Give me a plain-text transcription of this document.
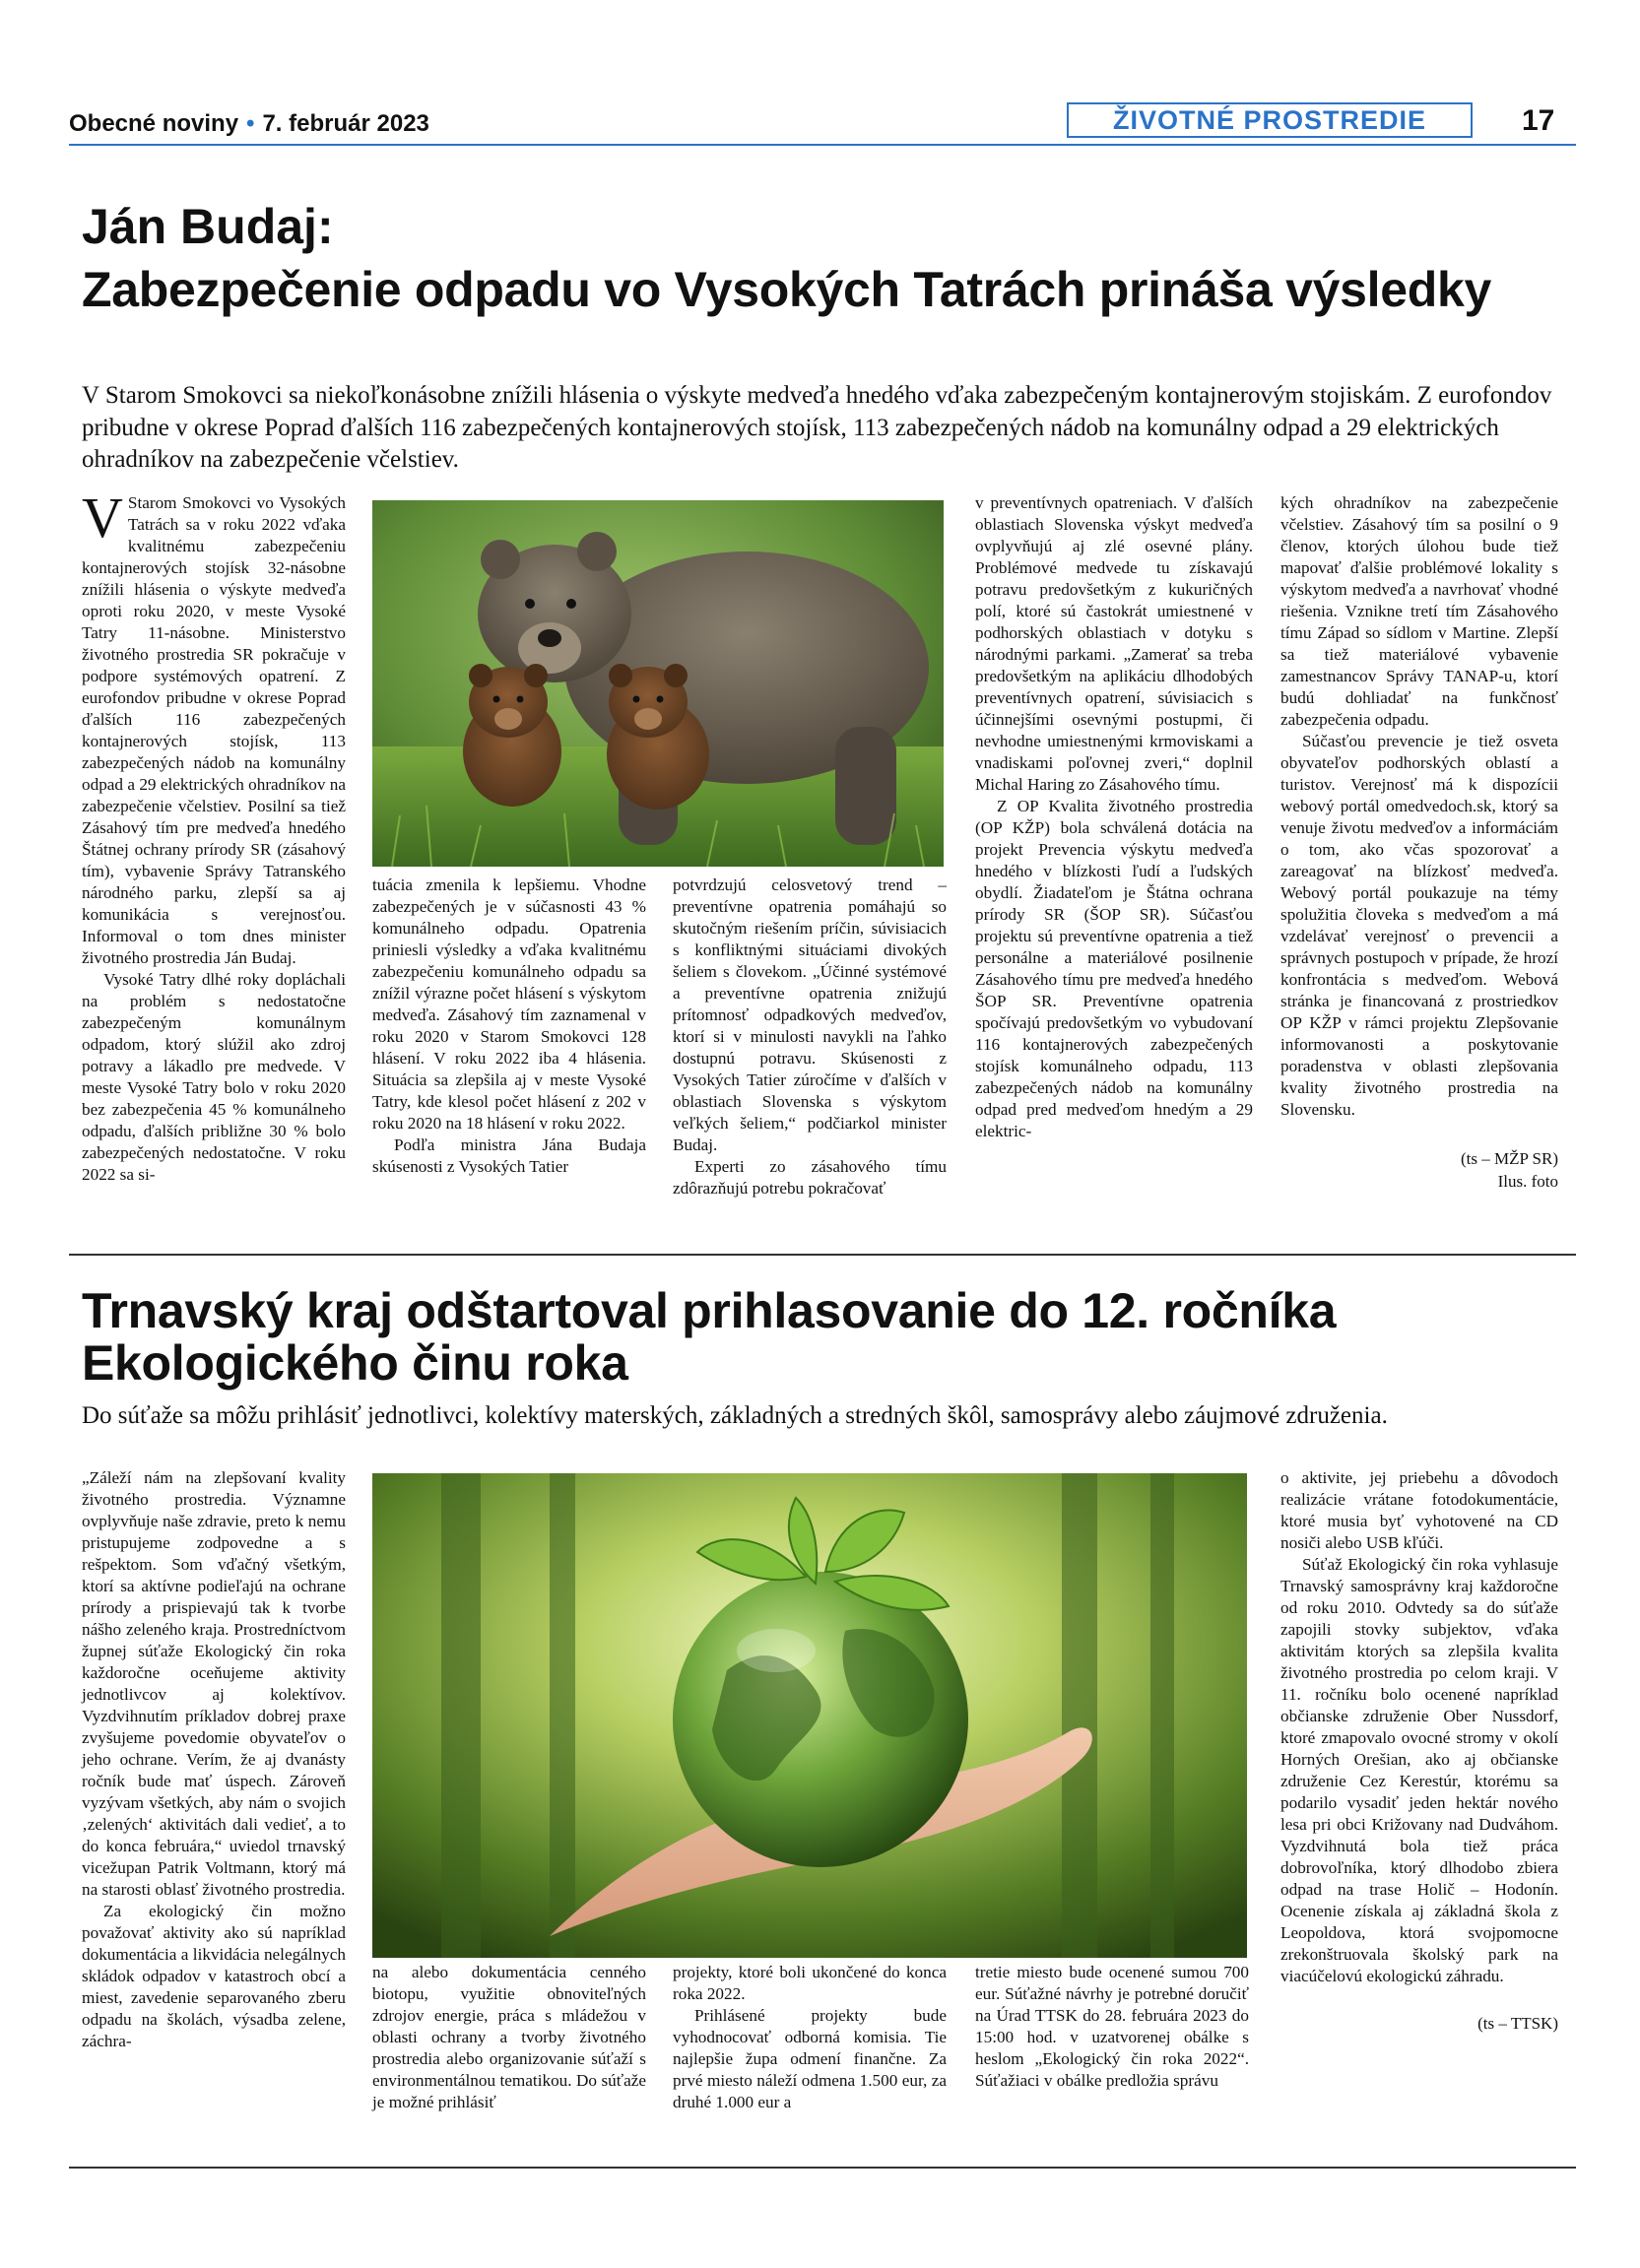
Obecné noviny • 7. február 2023	ŽIVOTNÉ PROSTREDIE	17
Ján Budaj:
Zabezpečenie odpadu vo Vysokých Tatrách prináša výsledky
V Starom Smokovci sa niekoľkonásobne znížili hlásenia o výskyte medveďa hnedého vďaka zabezpečeným kontajnerovým stojiskám. Z eurofondov pribudne v okrese Poprad ďalších 116 zabezpečených kontajnerových stojísk, 113 zabezpečených nádob na komunálny odpad a 29 elektrických ohradníkov na zabezpečenie včelstiev.

V Starom Smokovci vo Vysokých Tatrách sa v roku 2022 vďaka kvalitnému zabezpečeniu kontajnerových stojísk 32-násobne znížili hlásenia o výskyte medveďa oproti roku 2020, v meste Vysoké Tatry 11-násobne. Ministerstvo životného prostredia SR pokračuje v podpore systémových opatrení. Z eurofondov pribudne v okrese Poprad ďalších 116 zabezpečených kontajnerových stojísk, 113 zabezpečených nádob na komunálny odpad a 29 elektrických ohradníkov na zabezpečenie včelstiev. Posilní sa tiež Zásahový tím pre medveďa hnedého Štátnej ochrany prírody SR (zásahový tím), vybavenie Správy Tatranského národného parku, zlepší sa aj komunikácia s verejnosťou. Informoval o tom dnes minister životného prostredia Ján Budaj.

Vysoké Tatry dlhé roky dopláchali na problém s nedostatočne zabezpečeným komunálnym odpadom, ktorý slúžil ako zdroj potravy a lákadlo pre medvede. V meste Vysoké Tatry bolo v roku 2020 bez zabezpečenia 45 % komunálneho odpadu, ďalších približne 30 % bolo zabezpečených nedostatočne. V roku 2022 sa si-

tuácia zmenila k lepšiemu. Vhodne zabezpečených je v súčasnosti 43 % komunálneho odpadu. Opatrenia priniesli výsledky a vďaka kvalitnému zabezpečeniu komunálneho odpadu sa znížil výrazne počet hlásení s výskytom medveďa. Zásahový tím zaznamenal v roku 2020 v Starom Smokovci 128 hlásení. V roku 2022 iba 4 hlásenia. Situácia sa zlepšila aj v meste Vysoké Tatry, kde klesol počet hlásení z 202 v roku 2020 na 18 hlásení v roku 2022.

Podľa ministra Jána Budaja skúsenosti z Vysokých Tatier

potvrdzujú celosvetový trend – preventívne opatrenia pomáhajú so skutočným riešením príčin, súvisiacich s konfliktnými situáciami divokých šeliem s človekom. „Účinné systémové a preventívne opatrenia znižujú prítomnosť odpadkových medveďov, ktorí si v minulosti navykli na ľahko dostupnú potravu. Skúsenosti z Vysokých Tatier zúročíme v ďalších v oblastiach Slovenska s výskytom veľkých šeliem,“ podčiarkol minister Budaj.

Experti zo zásahového tímu zdôrazňujú potrebu pokračovať

v preventívnych opatreniach. V ďalších oblastiach Slovenska výskyt medveďa ovplyvňujú aj zlé osevné plány. Problémové medvede tu získavajú potravu predovšetkým z kukuričných polí, ktoré sú častokrát umiestnené v podhorských oblastiach v dotyku s národnými parkami. „Zamerať sa treba predovšetkým na aplikáciu dlhodobých preventívnych opatrení, súvisiacich s účinnejšími osevnými postupmi, či nevhodne umiestnenými krmoviskami a vnadiskami poľovnej zveri,“ doplnil Michal Haring zo Zásahového tímu.

Z OP Kvalita životného prostredia (OP KŽP) bola schválená dotácia na projekt Prevencia výskytu medveďa hnedého v blízkosti ľudí a ľudských obydlí. Žiadateľom je Štátna ochrana prírody SR (ŠOP SR). Súčasťou projektu sú preventívne opatrenia a tiež personálne a materiálové posilnenie Zásahového tímu pre medveďa hnedého ŠOP SR. Preventívne opatrenia spočívajú predovšetkým vo vybudovaní 116 kontajnerových zabezpečených stojísk komunálneho odpadu, 113 zabezpečených nádob na komunálny odpad pred medveďom hnedým a 29 elektric-

kých ohradníkov na zabezpečenie včelstiev. Zásahový tím sa posilní o 9 členov, ktorých úlohou bude tiež mapovať ďalšie problémové lokality s výskytom medveďa a navrhovať vhodné riešenia. Vznikne tretí tím Zásahového tímu Západ so sídlom v Martine. Zlepší sa tiež materiálové vybavenie zamestnancov Správy TANAP-u, ktorí budú dohliadať na funkčnosť zabezpečenia odpadu.

Súčasťou prevencie je tiež osveta obyvateľov podhorských oblastí a turistov. Verejnosť má k dispozícii webový portál omedvedoch.sk, ktorý sa venuje životu medveďov a informáciám o tom, ako včas spozorovať a zareagovať na blízkosť medveďa. Webový portál poukazuje na témy spolužitia človeka s medveďom a má vzdelávať verejnosť o prevencii a správnych postupoch v prípade, že hrozí konfrontácia s medveďom. Webová stránka je financovaná z prostriedkov OP KŽP v rámci projektu Zlepšovanie informovanosti a poskytovanie poradenstva v oblasti zlepšovania kvality životného prostredia na Slovensku.

(ts – MŽP SR)
Ilus. foto
Trnavský kraj odštartoval prihlasovanie do 12. ročníka Ekologického činu roka
Do súťaže sa môžu prihlásiť jednotlivci, kolektívy materských, základných a stredných škôl, samosprávy alebo záujmové združenia.

„Záleží nám na zlepšovaní kvality životného prostredia. Významne ovplyvňuje naše zdravie, preto k nemu pristupujeme zodpovedne a s rešpektom. Som vďačný všetkým, ktorí sa aktívne podieľajú na ochrane prírody a prispievajú tak k tvorbe nášho zeleného kraja. Prostredníctvom župnej súťaže Ekologický čin roka každoročne oceňujeme aktivity jednotlivcov aj kolektívov. Vyzdvihnutím príkladov dobrej praxe zvyšujeme povedomie obyvateľov o jeho ochrane. Verím, že aj dvanásty ročník bude mať úspech. Zároveň vyzývam všetkých, aby nám o svojich ‚zelených‘ aktivitách dali vedieť, a to do konca februára,“ uviedol trnavský vicežupan Patrik Voltmann, ktorý má na starosti oblasť životného prostredia.

Za ekologický čin možno považovať aktivity ako sú napríklad dokumentácia a likvidácia nelegálnych skládok odpadov v katastroch obcí a miest, zavedenie separovaného zberu odpadu na školách, výsadba zelene, záchra-

na alebo dokumentácia cenného biotopu, využitie obnoviteľných zdrojov energie, práca s mládežou v oblasti ochrany a tvorby životného prostredia alebo organizovanie súťaží s environmentálnou tematikou. Do súťaže je možné prihlásiť

projekty, ktoré boli ukončené do konca roka 2022.

Prihlásené projekty bude vyhodnocovať odborná komisia. Tie najlepšie župa odmení finančne. Za prvé miesto náleží odmena 1.500 eur, za druhé 1.000 eur a

tretie miesto bude ocenené sumou 700 eur. Súťažné návrhy je potrebné doručiť na Úrad TTSK do 28. februára 2023 do 15:00 hod. v uzatvorenej obálke s heslom „Ekologický čin roka 2022“. Súťažiaci v obálke predložia správu

o aktivite, jej priebehu a dôvodoch realizácie vrátane fotodokumentácie, ktoré musia byť vyhotovené na CD nosiči alebo USB kľúči.

Súťaž Ekologický čin roka vyhlasuje Trnavský samosprávny kraj každoročne od roku 2010. Odvtedy sa do súťaže zapojili stovky subjektov, vďaka aktivitám ktorých sa zlepšila kvalita životného prostredia po celom kraji. V 11. ročníku bolo ocenené napríklad občianske združenie Ober Nussdorf, ktoré zmapovalo ovocné stromy v okolí Horných Orešian, ako aj občianske združenie Cez Kerestúr, ktorému sa podarilo vysadiť jeden hektár nového lesa pri obci Križovany nad Dudváhom. Vyzdvihnutá bola tiež práca dobrovoľníka, ktorý dlhodobo zbiera odpad na trase Holič – Hodonín. Ocenenie získala aj základná škola z Leopoldova, ktorá svojpomocne zrekonštruovala školský park na viacúčelovú ekologickú záhradu.

(ts – TTSK)
